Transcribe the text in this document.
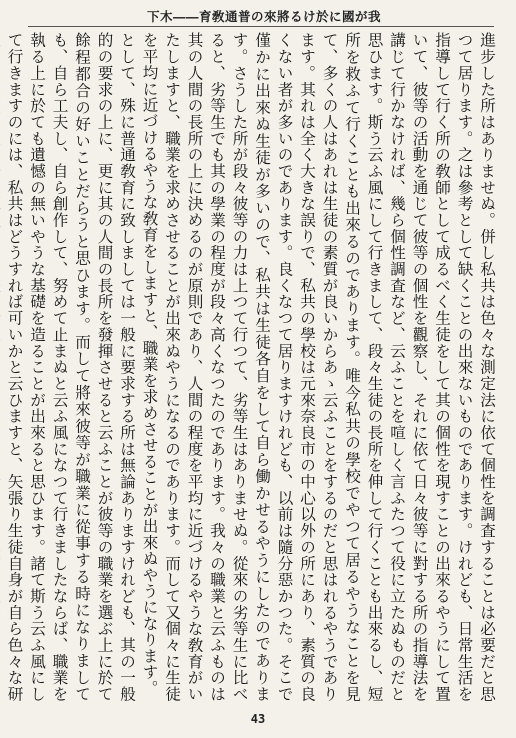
我が國に於ける將來の普通敎育――木下

進步した所はありませぬ。併し私共は色々な測定法に依て個性を調査することは必要だと思つて居ります。之は參考として缺くことの出來ないものであります。けれども、日常生活を指導して行く所の敎師として成るべく生徒をして其の個性を現すことの出來るやうにして置いて、彼等の活動を通じて彼等の個性を觀察し、それに依て日々彼等に對する所の指導法を講じて行かなければ、幾ら個性調査など、云ふことを喧しく言ふたつて役に立たぬものだと思ひます。斯う云ふ風にして行きまして、段々生徒の長所を伸して行くことも出來るし、短所を救ふて行くことも出來るのであります。唯今私共の學校でやつて居るやうなことを見て、多くの人はあれは生徒の素質が良いからあゝ云ふことをするのだと思はれるやうであります。其れは全く大きな誤りで、私共の學校は元來奈良市の中心以外の所にあり、素質の良くない者が多いのであります。良くなつて居りますけれども、以前は隨分惡かつた。そこで僅かに出來ぬ生徒が多いので、私共は生徒各自をして自ら働かせるやうにしたのであります。さうした所が段々彼等の力は上つて行つて、劣等生はありませぬ。從來の劣等生に比べると、劣等生でも其の學業の程度が段々高くなつたのであります。我々の職業と云ふものは其の人間の長所の上に決めるのが原則であり、人間の程度を平均に近づけるやうな敎育がいたしますと、職業を求めさせることが出來ぬやうになるのであります。而して又個々に生徒を平均に近づけるやうな敎育をしますと、職業を求めさせることが出來ぬやうになります。

として、殊に普通敎育に致しましては一般に要求する所は無論ありますけれども、其の一般的の要求の上に、更に其の人間の長所を發揮させると云ふことが彼等の職業を選ぶ上に於て餘程都合の好いことだらうと思ひます。而して將來彼等が職業に從事する時になりましても、自ら工夫し、自ら創作して、努めて止まぬと云ふ風になつて行きましたならば、職業を執る上に於ても遺憾の無いやうな基礎を造ることが出來ると思ひます。諸て斯う云ふ風にして行きますのには、私共はどうすれば可いかと云ひますと、矢張り生徒自身が自ら色々な研

43
